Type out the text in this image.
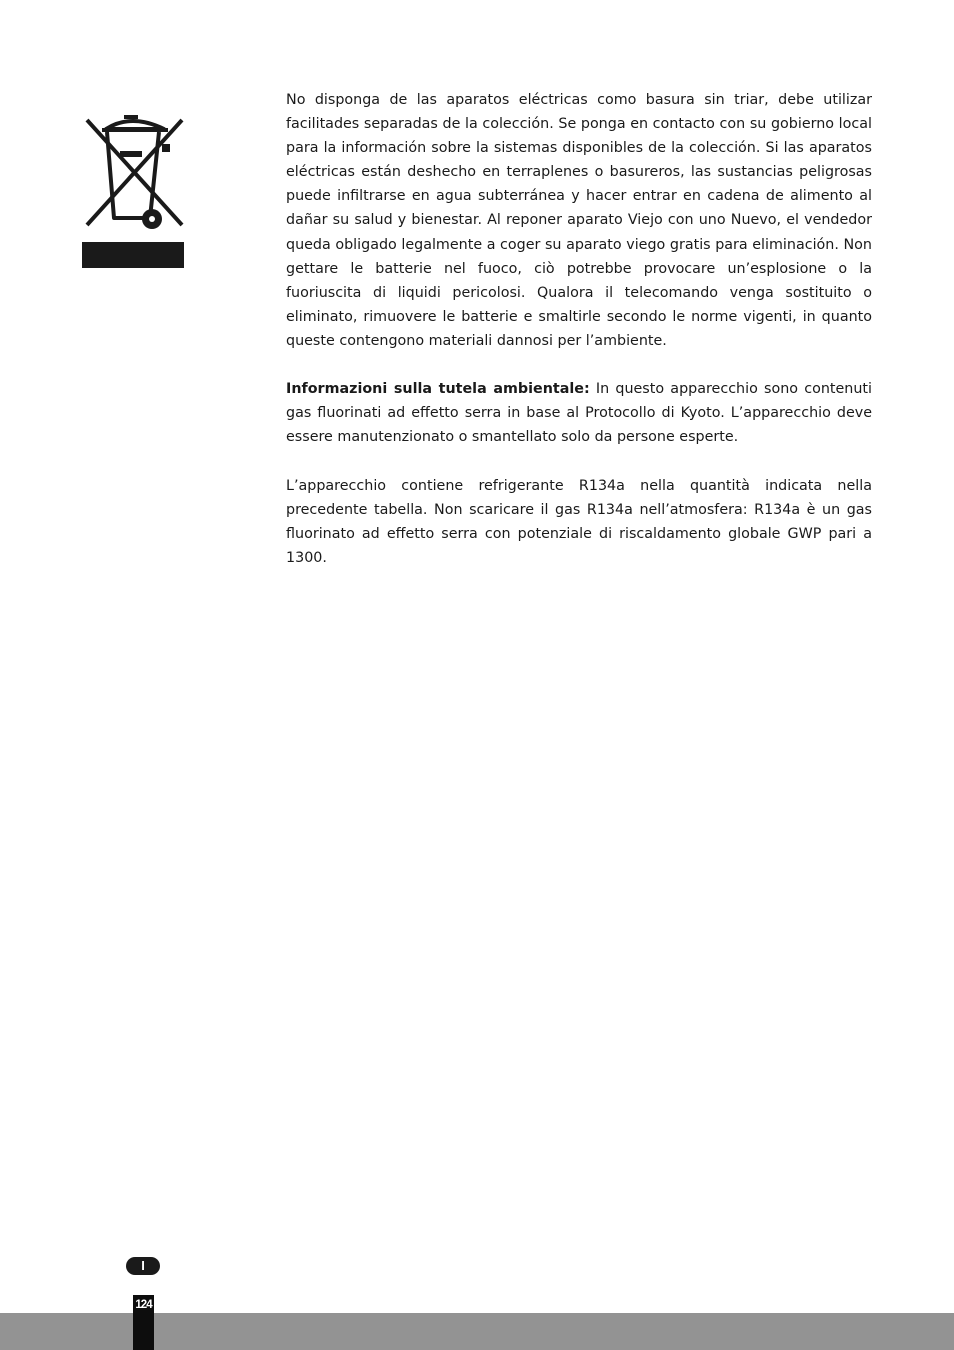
No disponga de las aparatos eléctricas como basura sin triar, debe utilizar facilitades separadas de la colección. Se ponga en contacto con su gobierno local para la información sobre la sistemas disponibles de la colección. Si las aparatos eléctricas están deshecho en terraplenes o basureros, las sustancias peligrosas puede infiltrarse en agua subterránea y hacer entrar en cadena de alimento al dañar su salud y bienestar. Al reponer aparato Viejo con uno Nuevo, el vendedor queda obligado legalmente a coger su aparato viego gratis para eliminación. Non gettare le batterie nel fuoco, ciò potrebbe provocare un’esplosione o la fuoriuscita di liquidi pericolosi. Qualora il telecomando venga sostituito o eliminato, rimuovere le batterie e smaltirle secondo le norme vigenti, in quanto queste contengono materiali dannosi per l’ambiente.

Informazioni sulla tutela ambientale: In questo apparecchio sono contenuti gas fluorinati ad effetto serra in base al Protocollo di Kyoto. L’apparecchio deve essere manutenzionato o smantellato solo da persone esperte.

L’apparecchio contiene refrigerante R134a nella quantità indicata nella precedente tabella. Non scaricare il gas R134a nell’atmosfera: R134a è un gas fluorinato ad effetto serra con potenziale di riscaldamento globale GWP pari a 1300.

I
124
